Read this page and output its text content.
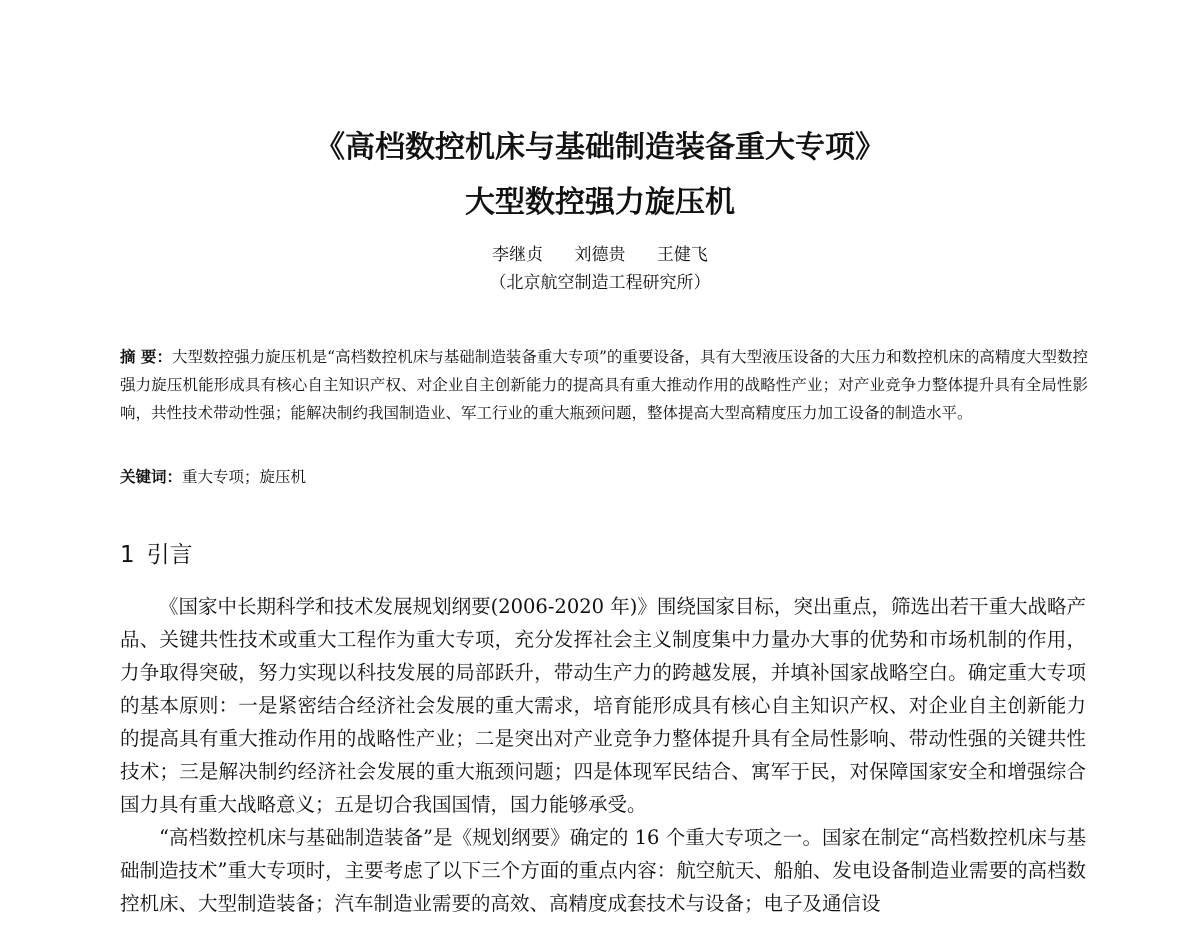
《高档数控机床与基础制造装备重大专项》
大型数控强力旋压机
李继贞 刘德贵 王健飞
（北京航空制造工程研究所）
摘 要：大型数控强力旋压机是“高档数控机床与基础制造装备重大专项”的重要设备，具有大型液压设备的大压力和数控机床的高精度大型数控强力旋压机能形成具有核心自主知识产权、对企业自主创新能力的提高具有重大推动作用的战略性产业；对产业竞争力整体提升具有全局性影响，共性技术带动性强；能解决制约我国制造业、军工行业的重大瓶颈问题，整体提高大型高精度压力加工设备的制造水平。
关键词：重大专项；旋压机
1 引言

《国家中长期科学和技术发展规划纲要(2006-2020 年)》围绕国家目标，突出重点，筛选出若干重大战略产品、关键共性技术或重大工程作为重大专项，充分发挥社会主义制度集中力量办大事的优势和市场机制的作用，力争取得突破，努力实现以科技发展的局部跃升，带动生产力的跨越发展，并填补国家战略空白。确定重大专项的基本原则：一是紧密结合经济社会发展的重大需求，培育能形成具有核心自主知识产权、对企业自主创新能力的提高具有重大推动作用的战略性产业；二是突出对产业竞争力整体提升具有全局性影响、带动性强的关键共性技术；三是解决制约经济社会发展的重大瓶颈问题；四是体现军民结合、寓军于民，对保障国家安全和增强综合国力具有重大战略意义；五是切合我国国情，国力能够承受。

“高档数控机床与基础制造装备”是《规划纲要》确定的 16 个重大专项之一。国家在制定“高档数控机床与基础制造技术”重大专项时，主要考虑了以下三个方面的重点内容：航空航天、船舶、发电设备制造业需要的高档数控机床、大型制造装备；汽车制造业需要的高效、高精度成套技术与设备；电子及通信设
